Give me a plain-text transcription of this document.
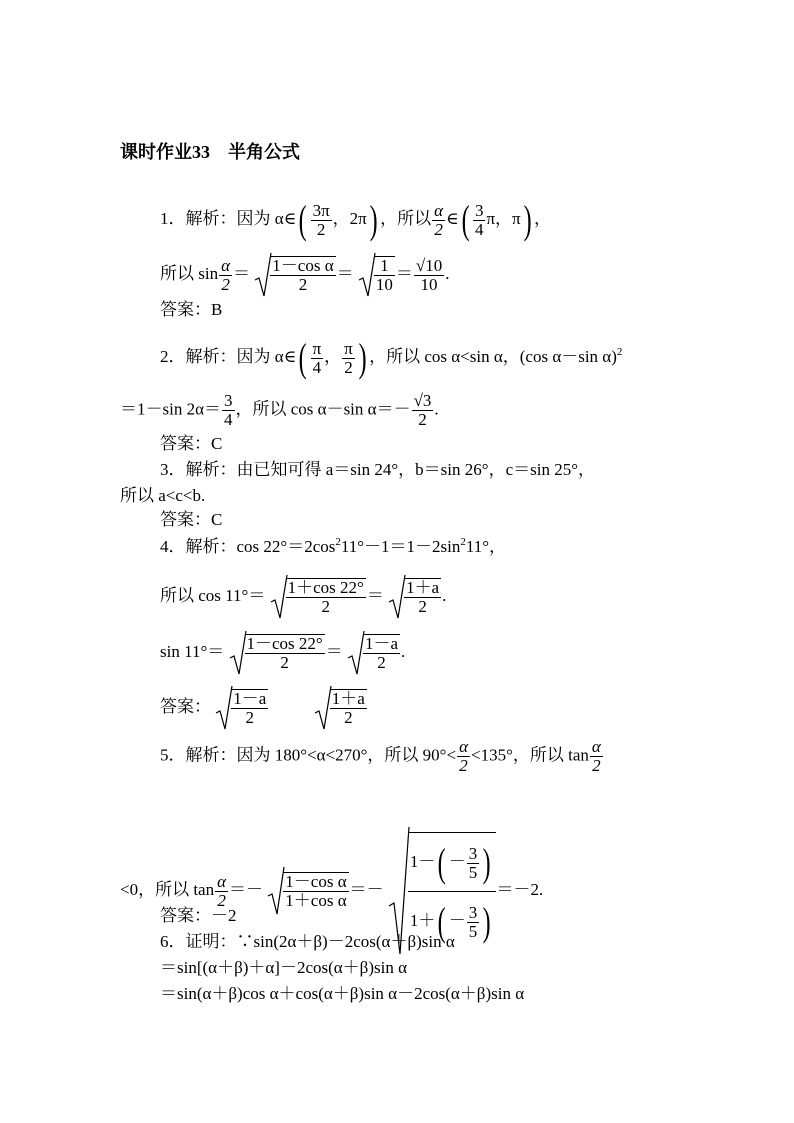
课时作业33　半角公式
1．解析：因为 α∈( $\frac{3\pi}{2}$ ，2π) ，所以 $\frac{\alpha}{2}$ ∈( $\frac{3}{4}$ π，π) ，
所以 $\sin \frac{\alpha}{2} = \frac{\text{1－cos α}}{2} = \frac{1}{10} = \frac{√10}{10}$ .
答案：B
2．解析：因为 α∈( $\frac{\pi}{4}$ ， $\frac{\pi}{2}$ ) ，所以 cos α<sin α，(cos α－sin α)$^2$
＝1－sin $2\alpha= \frac{3}{4}$ ，所以 cos α－sin $\alpha=- \frac{√3}{2}$ .
答案：C
3．解析：由已知可得 a＝sin 24°，b＝sin 26°，c＝sin 25°，
所以 a<c<b.
答案：C
4．解析：$\cos 22^\circ=2\cos^211^\circ-1=1-2\sin^211^\circ$，
所以 $\cos 11^\circ= \frac{1+\cos 22^\circ}{2} = \frac{1+a}{2}$ .
$\sin 11^\circ= \frac{1-\cos 22^\circ}{2} = \frac{1-a}{2}$ .
答案： $\frac{1-a}{2}$
	$\frac{1+a}{2}$
5．解析：因为 180°<α<270°，所以 $90^\circ< \frac{\alpha}{2} <135^\circ$，所以 $\tan \frac{\alpha}{2}$
<0，所以 $\tan \frac{\alpha}{2} =- \frac{\text{1－cos α}}{\text{1＋cos α}} =- \frac{1-( - \frac{3}{5} )}{1+( - \frac{3}{5} )} =-2$.
答案：－2
6．证明：∵sin(2α＋β)－2cos(α＋β)sin α
＝sin[(α＋β)＋α]－2cos(α＋β)sin α
＝sin(α＋β)cos α＋cos(α＋β)sin α－2cos(α＋β)sin α
